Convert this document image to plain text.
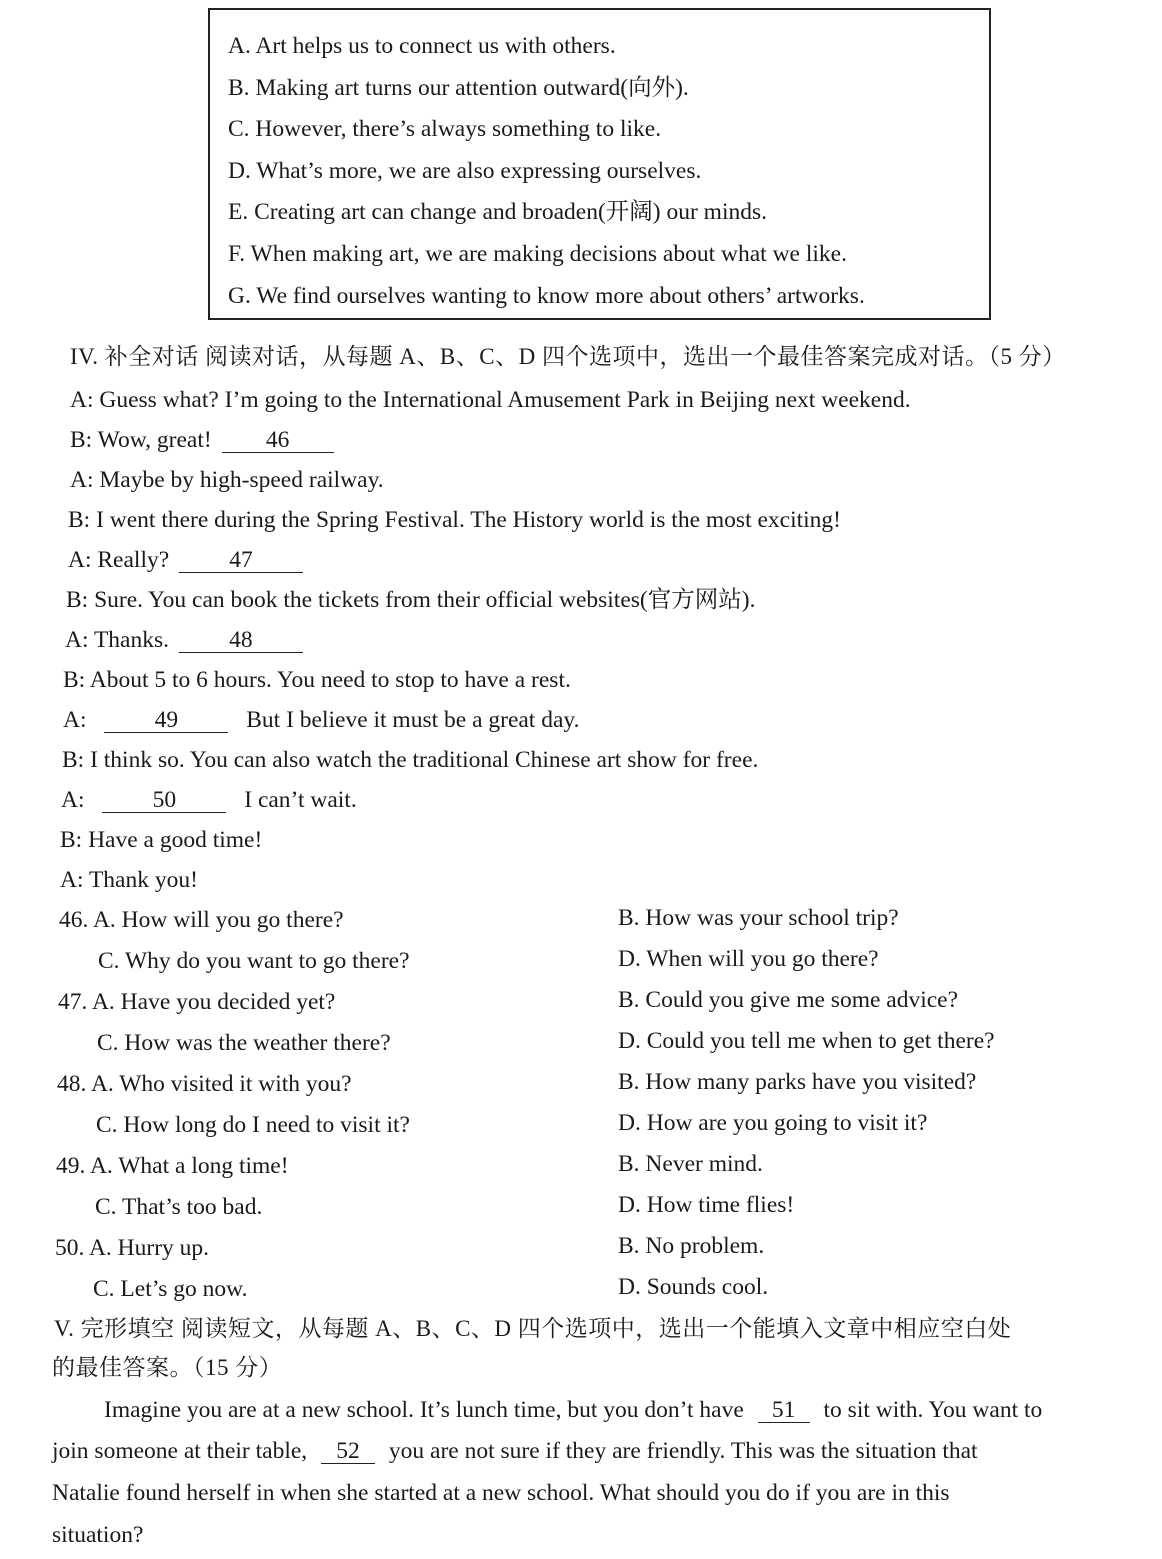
A. Art helps us to connect us with others.
B. Making art turns our attention outward(向外).
C. However, there’s always something to like.
D. What’s more, we are also expressing ourselves.
E. Creating art can change and broaden(开阔) our minds.
F. When making art, we are making decisions about what we like.
G. We find ourselves wanting to know more about others’ artworks.
IV. 补全对话 阅读对话，从每题 A、B、C、D 四个选项中，选出一个最佳答案完成对话。（5 分）
A: Guess what? I’m going to the International Amusement Park in Beijing next weekend.
B: Wow, great! 46
A: Maybe by high-speed railway.
B: I went there during the Spring Festival. The History world is the most exciting!
A: Really?	47
B: Sure. You can book the tickets from their official websites(官方网站).
A: Thanks.	48
B: About 5 to 6 hours. You need to stop to have a rest.
A:	49	But I believe it must be a great day.
B: I think so. You can also watch the traditional Chinese art show for free.
A:	50	I can’t wait.
B: Have a good time!
A: Thank you!
46. A. How will you go there?	B. How was your school trip?
C. Why do you want to go there?	D. When will you go there?
47. A. Have you decided yet?	B. Could you give me some advice?
C. How was the weather there?	D. Could you tell me when to get there?
48. A. Who visited it with you?	B. How many parks have you visited?
C. How long do I need to visit it?	D. How are you going to visit it?
49. A. What a long time!	B. Never mind.
C. That’s too bad.	D. How time flies!
50. A. Hurry up.	B. No problem.
C. Let’s go now.	D. Sounds cool.
V. 完形填空 阅读短文，从每题 A、B、C、D 四个选项中，选出一个能填入文章中相应空白处
的最佳答案。（15 分）
Imagine you are at a new school. It’s lunch time, but you don’t have 51 to sit with. You want to
join someone at their table, 52 you are not sure if they are friendly. This was the situation that
Natalie found herself in when she started at a new school. What should you do if you are in this
situation?
